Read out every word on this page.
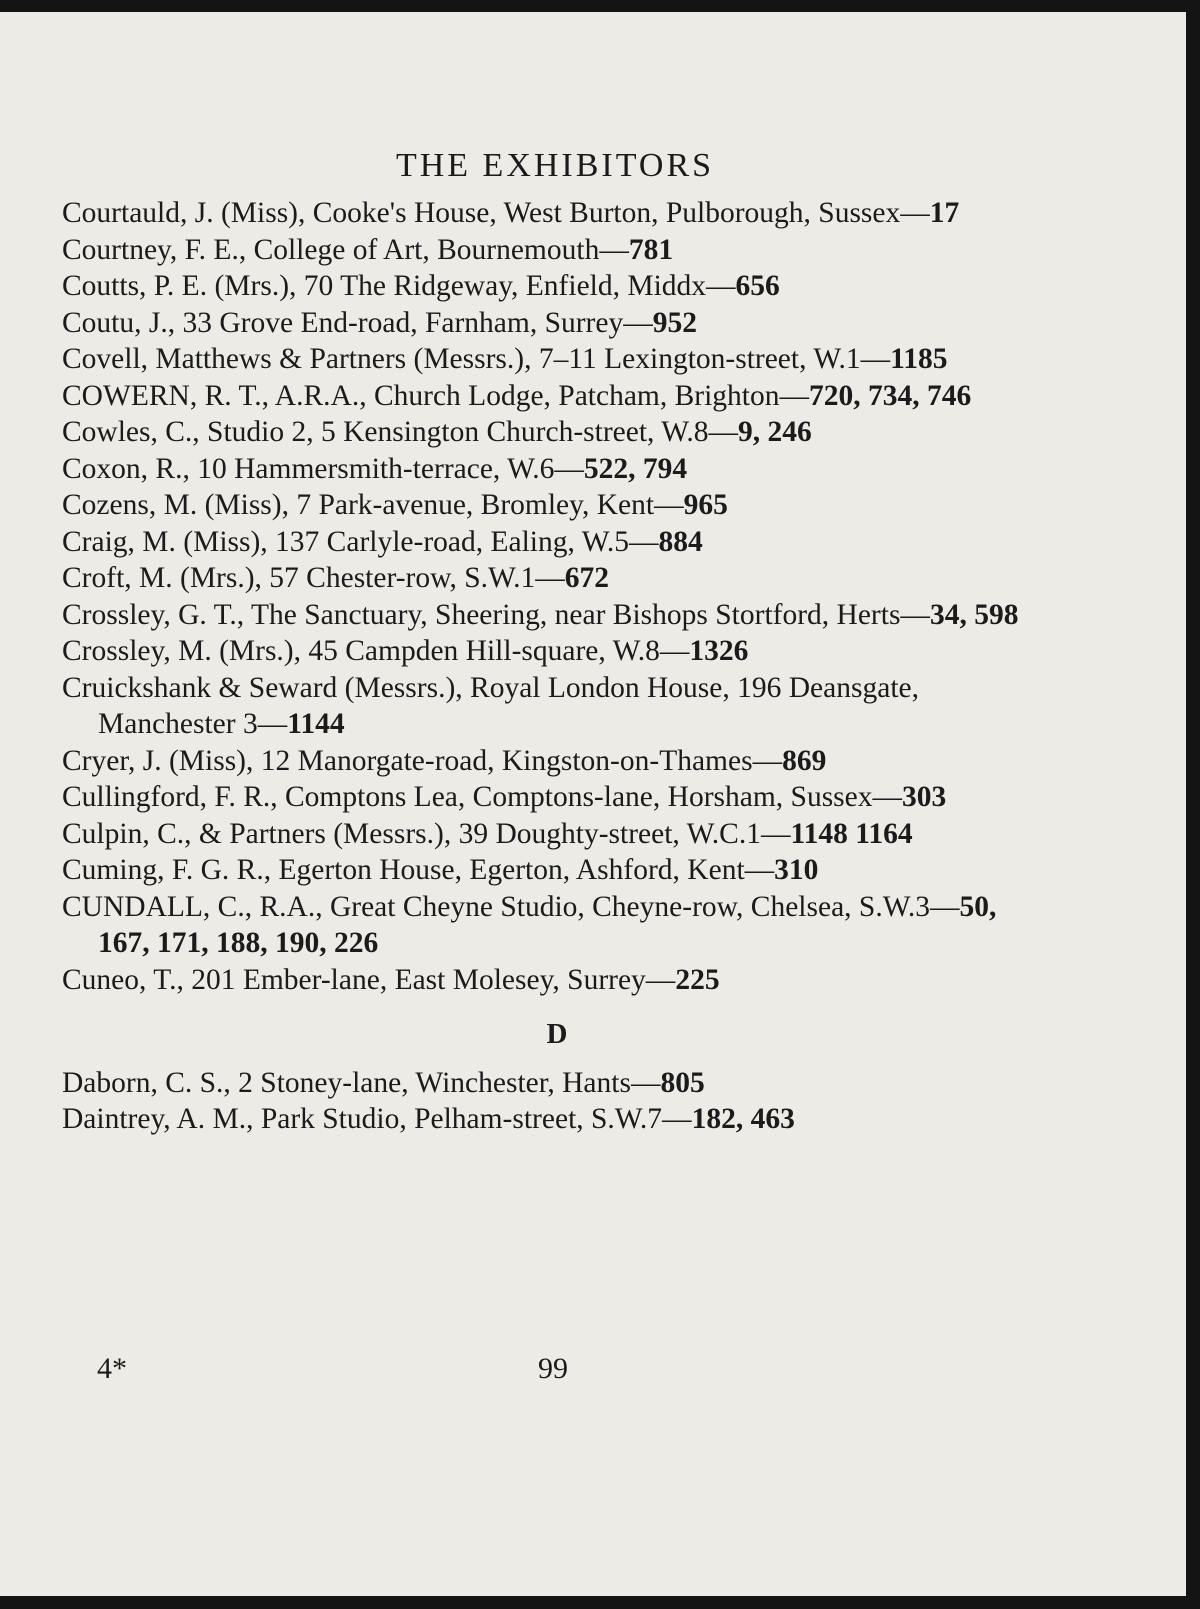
THE EXHIBITORS

Courtauld, J. (Miss), Cooke's House, West Burton, Pulborough, Sussex—17

Courtney, F. E., College of Art, Bournemouth—781

Coutts, P. E. (Mrs.), 70 The Ridgeway, Enfield, Middx—656

Coutu, J., 33 Grove End-road, Farnham, Surrey—952

Covell, Matthews & Partners (Messrs.), 7–11 Lexington-street, W.1—1185

COWERN, R. T., A.R.A., Church Lodge, Patcham, Brighton—720, 734, 746

Cowles, C., Studio 2, 5 Kensington Church-street, W.8—9, 246

Coxon, R., 10 Hammersmith-terrace, W.6—522, 794

Cozens, M. (Miss), 7 Park-avenue, Bromley, Kent—965

Craig, M. (Miss), 137 Carlyle-road, Ealing, W.5—884

Croft, M. (Mrs.), 57 Chester-row, S.W.1—672

Crossley, G. T., The Sanctuary, Sheering, near Bishops Stortford, Herts—34, 598

Crossley, M. (Mrs.), 45 Campden Hill-square, W.8—1326

Cruickshank & Seward (Messrs.), Royal London House, 196 Deansgate, Manchester 3—1144

Cryer, J. (Miss), 12 Manorgate-road, Kingston-on-Thames—869

Cullingford, F. R., Comptons Lea, Comptons-lane, Horsham, Sussex—303

Culpin, C., & Partners (Messrs.), 39 Doughty-street, W.C.1—1148 1164

Cuming, F. G. R., Egerton House, Egerton, Ashford, Kent—310

CUNDALL, C., R.A., Great Cheyne Studio, Cheyne-row, Chelsea, S.W.3—50, 167, 171, 188, 190, 226

Cuneo, T., 201 Ember-lane, East Molesey, Surrey—225

D

Daborn, C. S., 2 Stoney-lane, Winchester, Hants—805

Daintrey, A. M., Park Studio, Pelham-street, S.W.7—182, 463

4*	99
